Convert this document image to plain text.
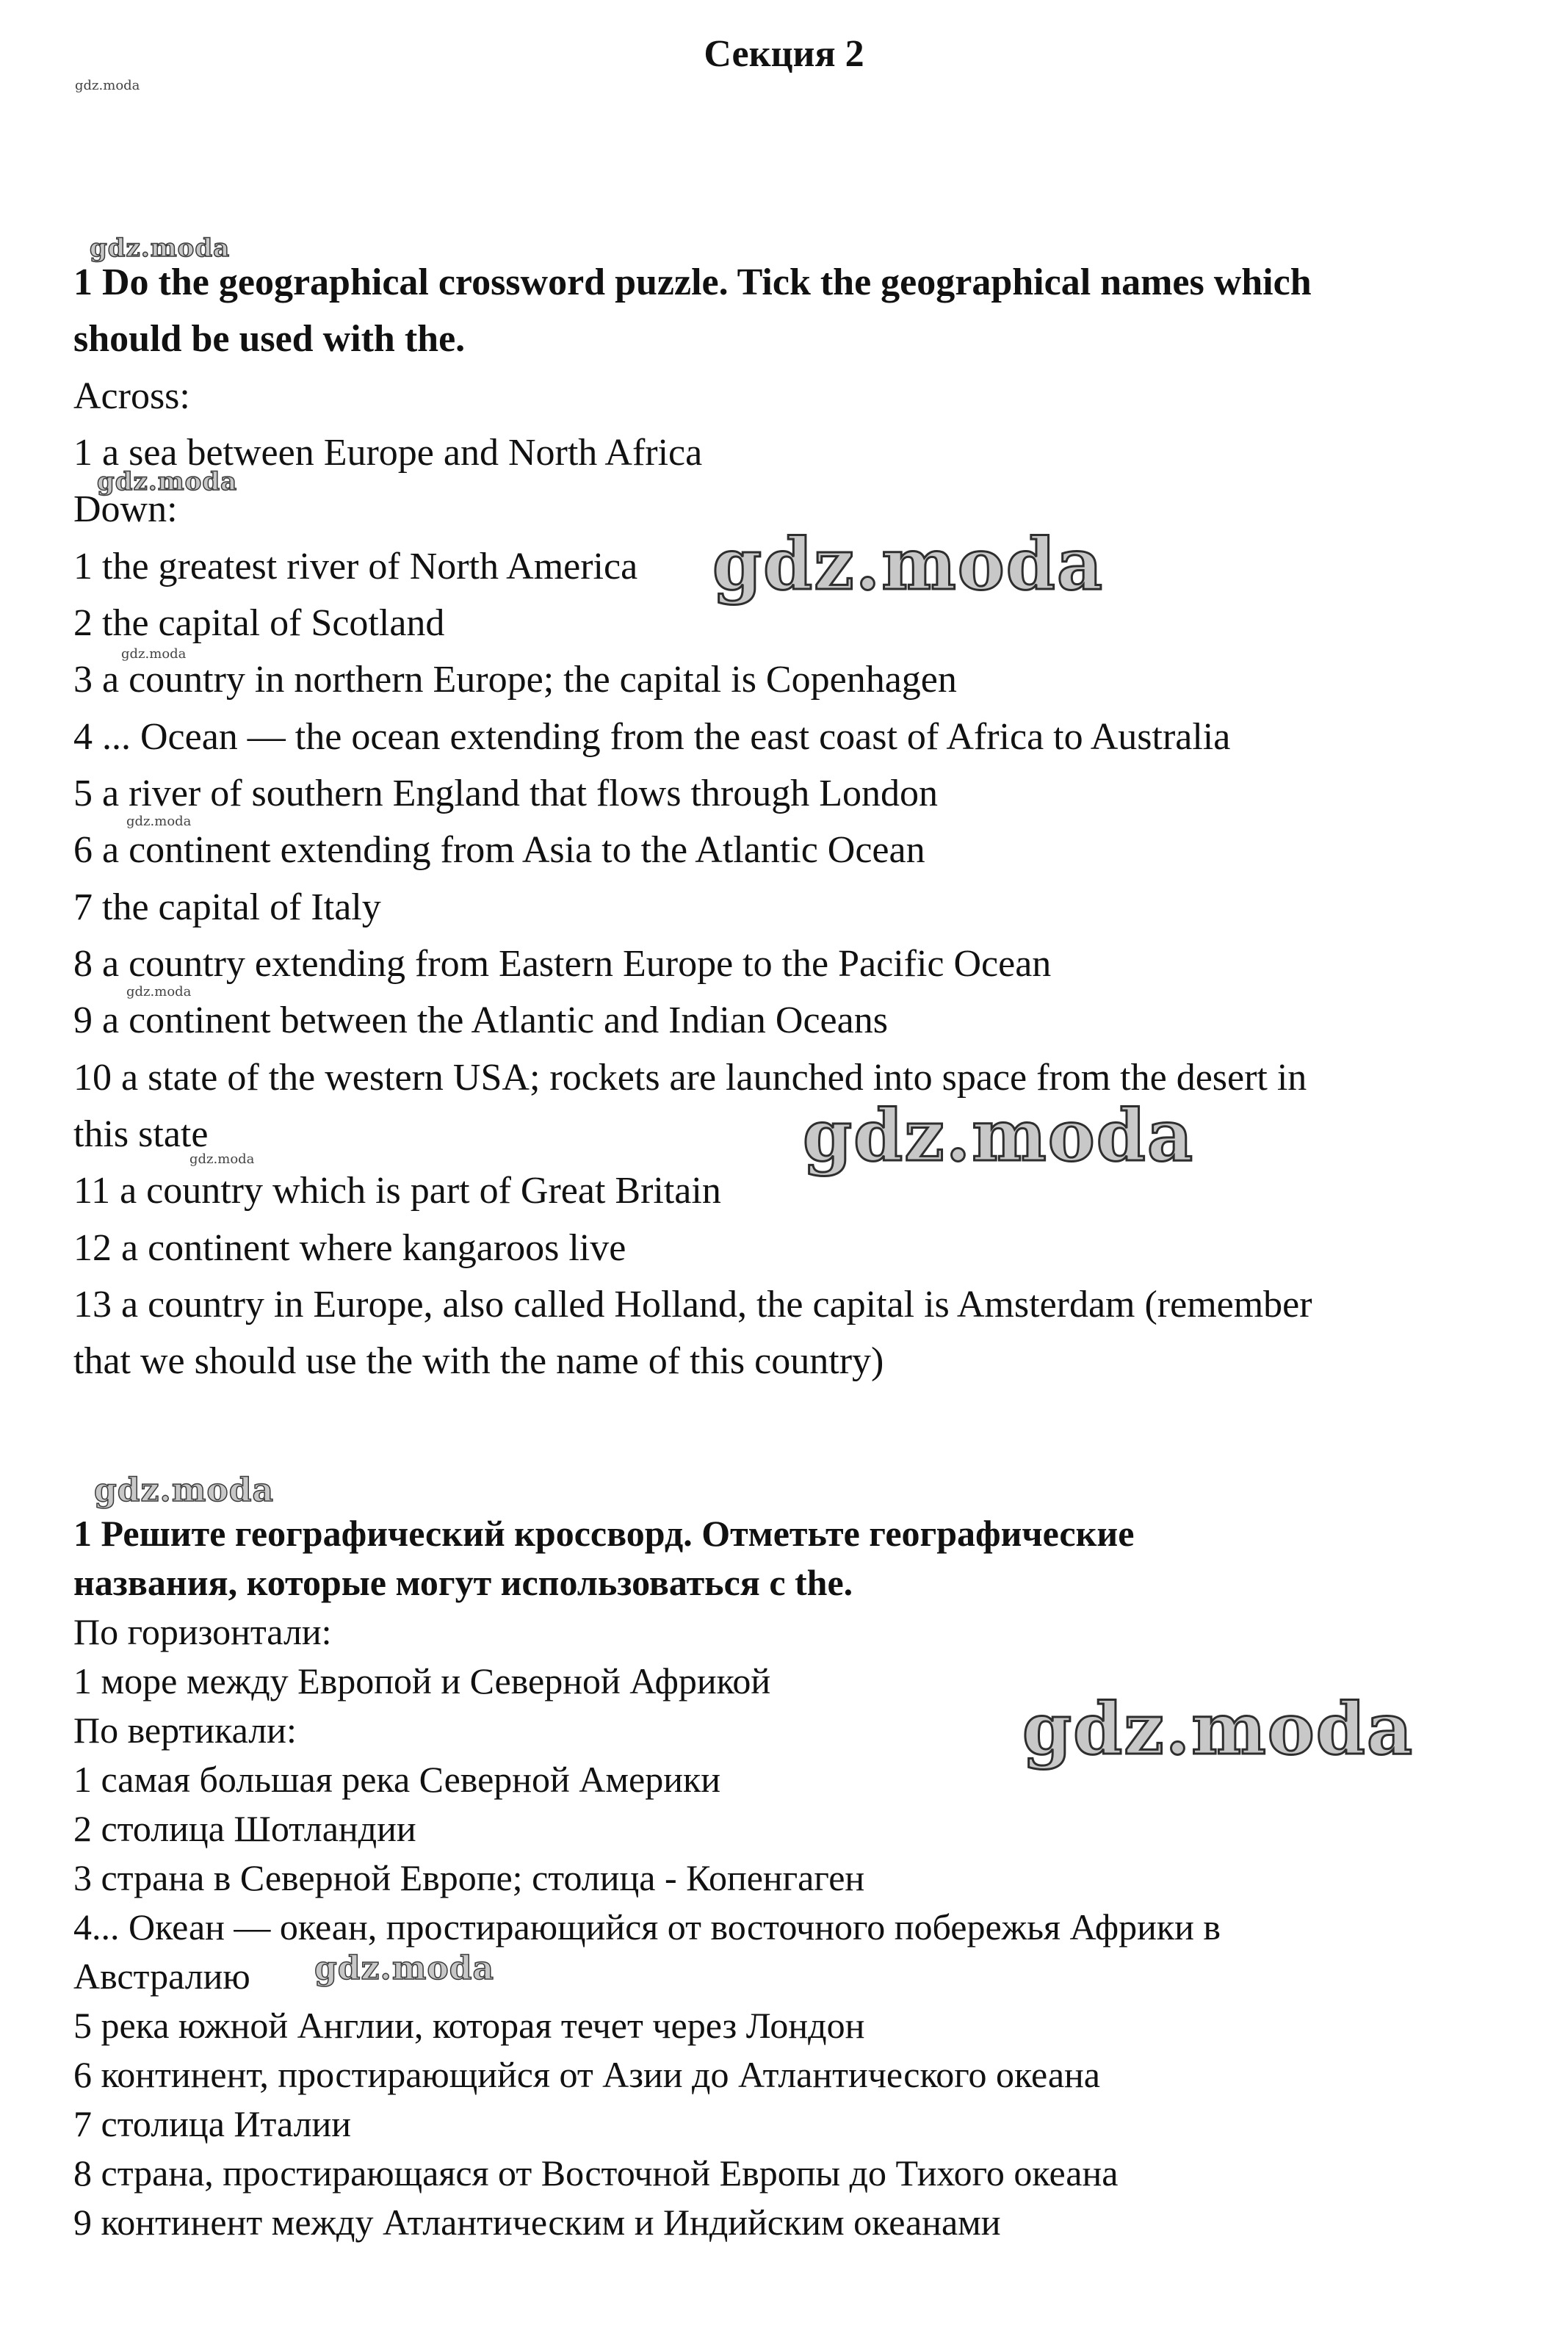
Секция 2
1 Do the geographical crossword puzzle. Tick the geographical names which
should be used with the.
Across:
1 a sea between Europe and North Africa
Down:
1 the greatest river of North America
2 the capital of Scotland
3 a country in northern Europe; the capital is Copenhagen
4 ... Ocean — the ocean extending from the east coast of Africa to Australia
5 a river of southern England that flows through London
6 a continent extending from Asia to the Atlantic Ocean
7 the capital of Italy
8 a country extending from Eastern Europe to the Pacific Ocean
9 a continent between the Atlantic and Indian Oceans
10 a state of the western USA; rockets are launched into space from the desert in
this state
11 a country which is part of Great Britain
12 a continent where kangaroos live
13 a country in Europe, also called Holland, the capital is Amsterdam (remember
that we should use the with the name of this country)
1 Решите географический кроссворд. Отметьте географические
названия, которые могут использоваться с the.
По горизонтали:
1 море между Европой и Северной Африкой
По вертикали:
1 самая большая река Северной Америки
2 столица Шотландии
3 страна в Северной Европе; столица - Копенгаген
4... Океан — океан, простирающийся от восточного побережья Африки в
Австралию
5 река южной Англии, которая течет через Лондон
6 континент, простирающийся от Азии до Атлантического океана
7 столица Италии
8 страна, простирающаяся от Восточной Европы до Тихого океана
9 континент между Атлантическим и Индийским океанами
gdz.moda
gdz.moda
gdz.moda
gdz.moda
gdz.moda
gdz.moda
gdz.moda
gdz.moda
gdz.moda
gdz.moda
gdz.moda
gdz.moda
